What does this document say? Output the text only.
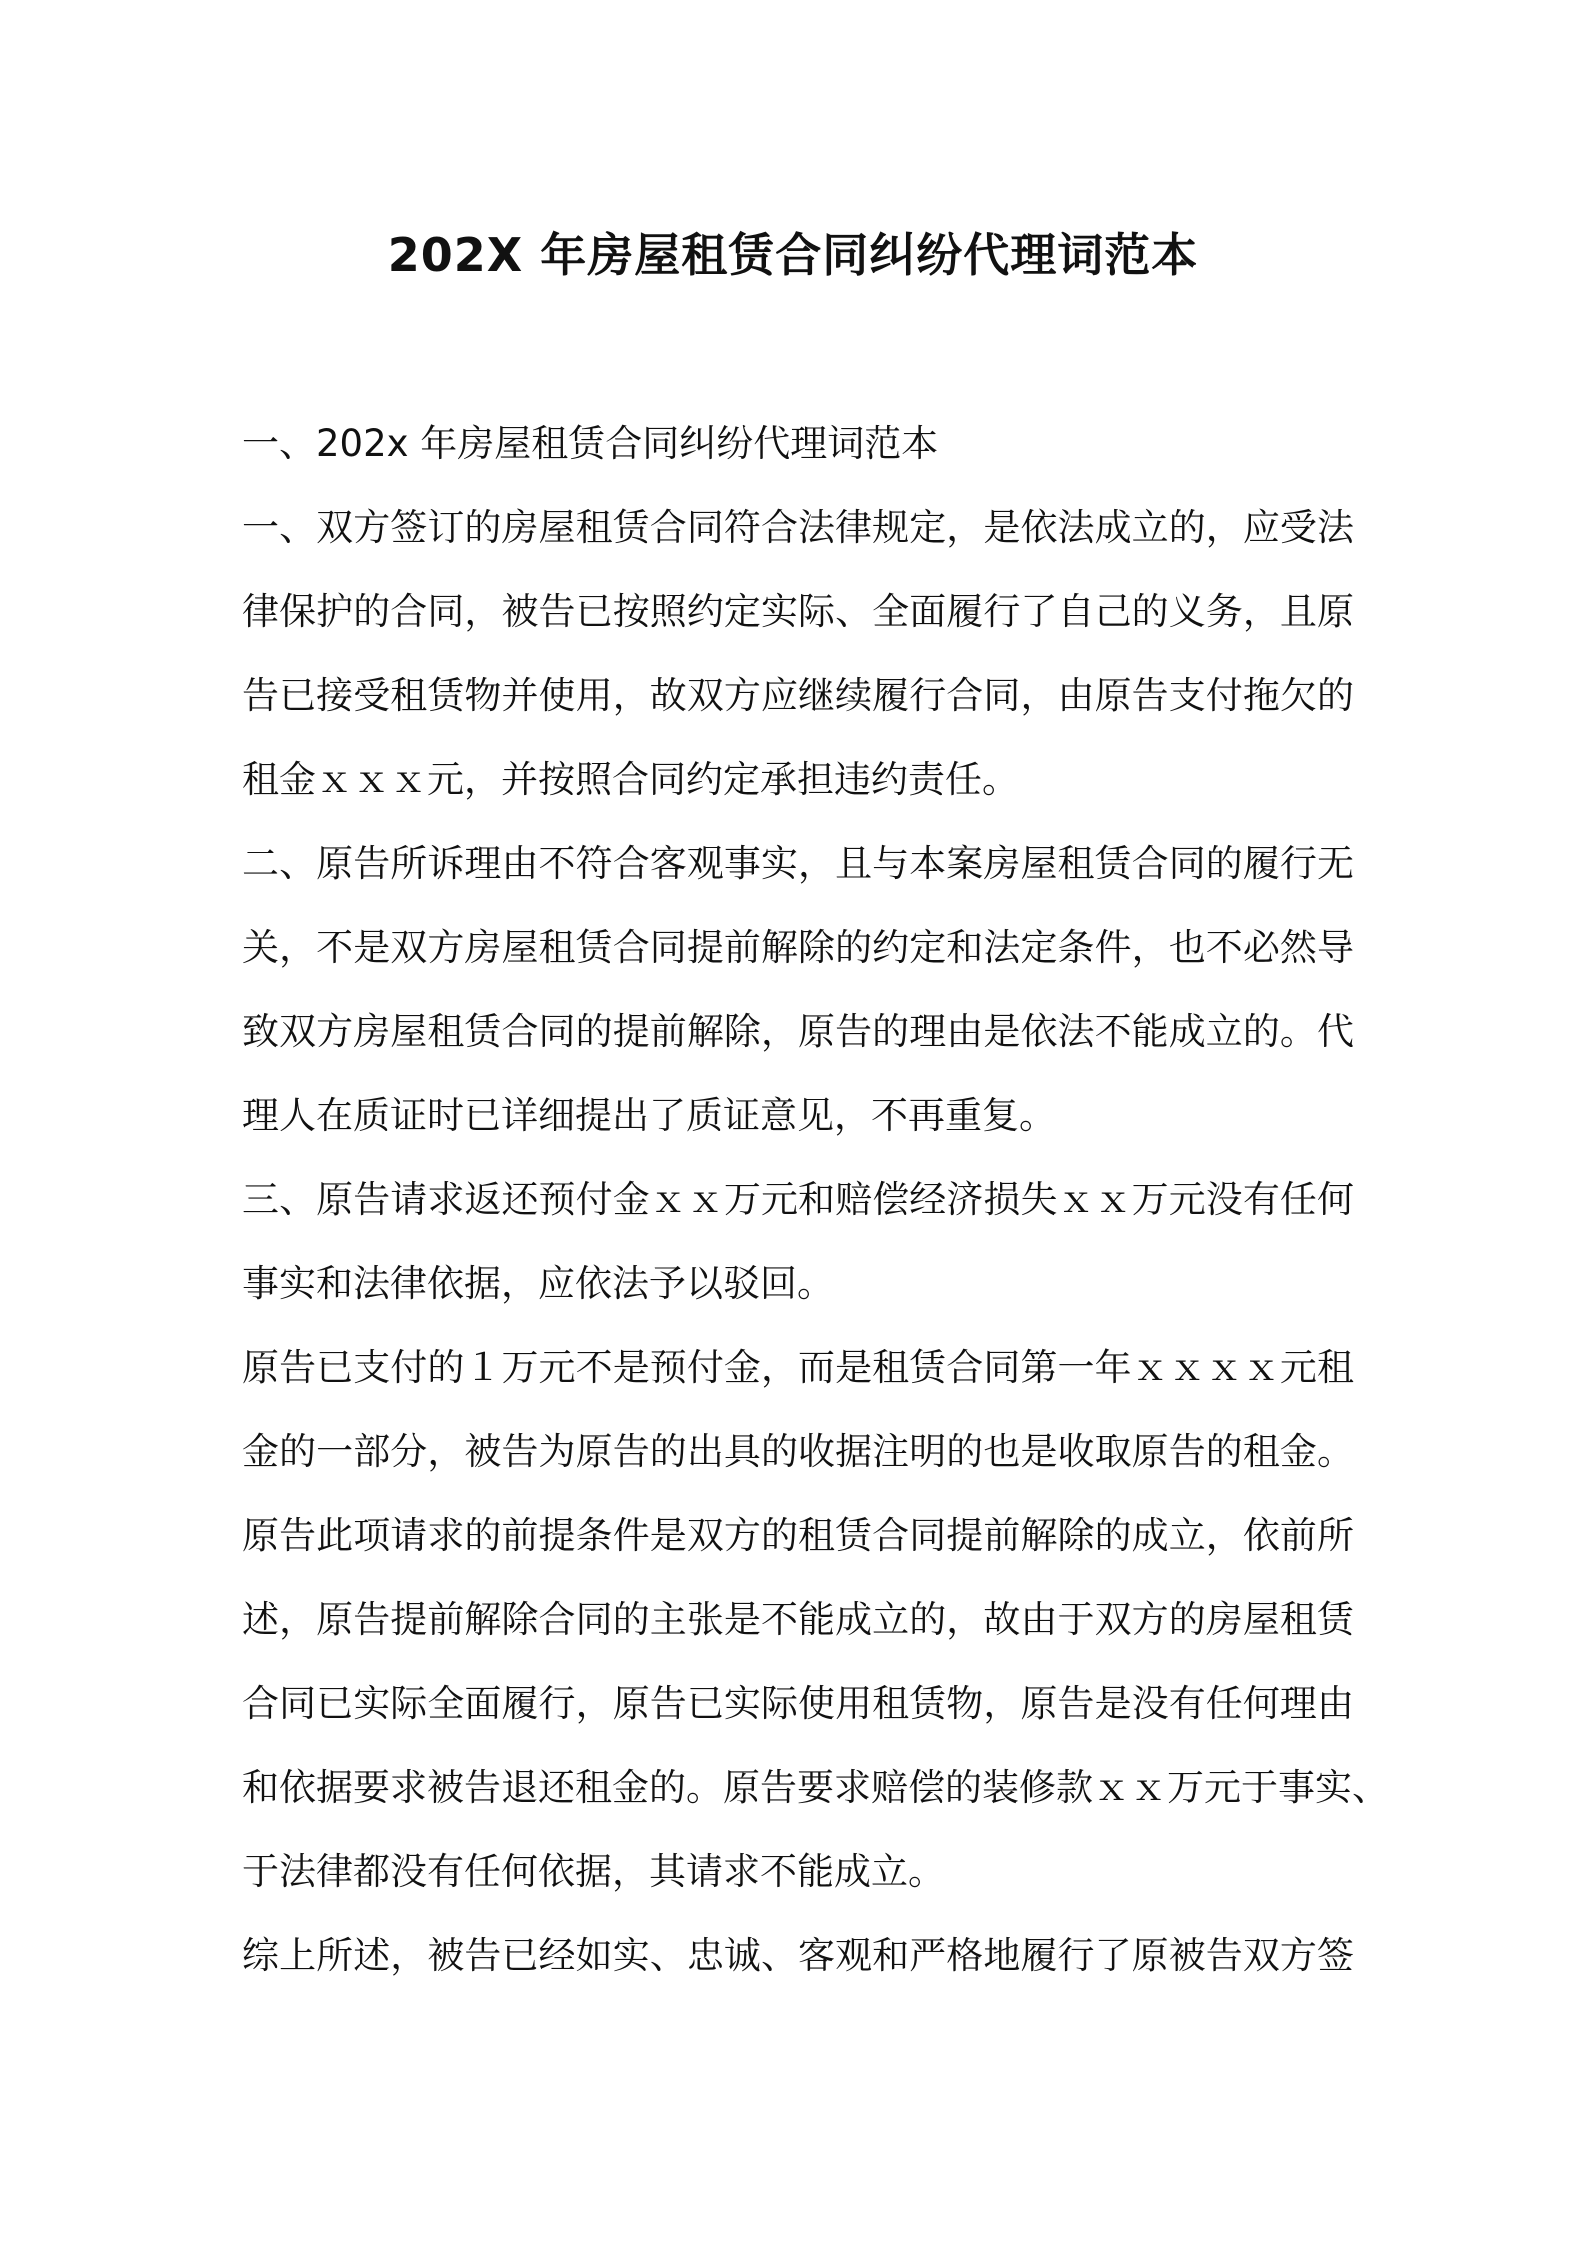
202X 年房屋租赁合同纠纷代理词范本
一、202x 年房屋租赁合同纠纷代理词范本
一、双方签订的房屋租赁合同符合法律规定，是依法成立的，应受法
律保护的合同，被告已按照约定实际、全面履行了自己的义务，且原
告已接受租赁物并使用，故双方应继续履行合同，由原告支付拖欠的
租金ｘｘｘ元，并按照合同约定承担违约责任。
二、原告所诉理由不符合客观事实，且与本案房屋租赁合同的履行无
关，不是双方房屋租赁合同提前解除的约定和法定条件，也不必然导
致双方房屋租赁合同的提前解除，原告的理由是依法不能成立的。代
理人在质证时已详细提出了质证意见，不再重复。
三、原告请求返还预付金ｘｘ万元和赔偿经济损失ｘｘ万元没有任何
事实和法律依据，应依法予以驳回。
原告已支付的１万元不是预付金，而是租赁合同第一年ｘｘｘｘ元租
金的一部分，被告为原告的出具的收据注明的也是收取原告的租金。
原告此项请求的前提条件是双方的租赁合同提前解除的成立，依前所
述，原告提前解除合同的主张是不能成立的，故由于双方的房屋租赁
合同已实际全面履行，原告已实际使用租赁物，原告是没有任何理由
和依据要求被告退还租金的。原告要求赔偿的装修款ｘｘ万元于事实、
于法律都没有任何依据，其请求不能成立。
综上所述，被告已经如实、忠诚、客观和严格地履行了原被告双方签
